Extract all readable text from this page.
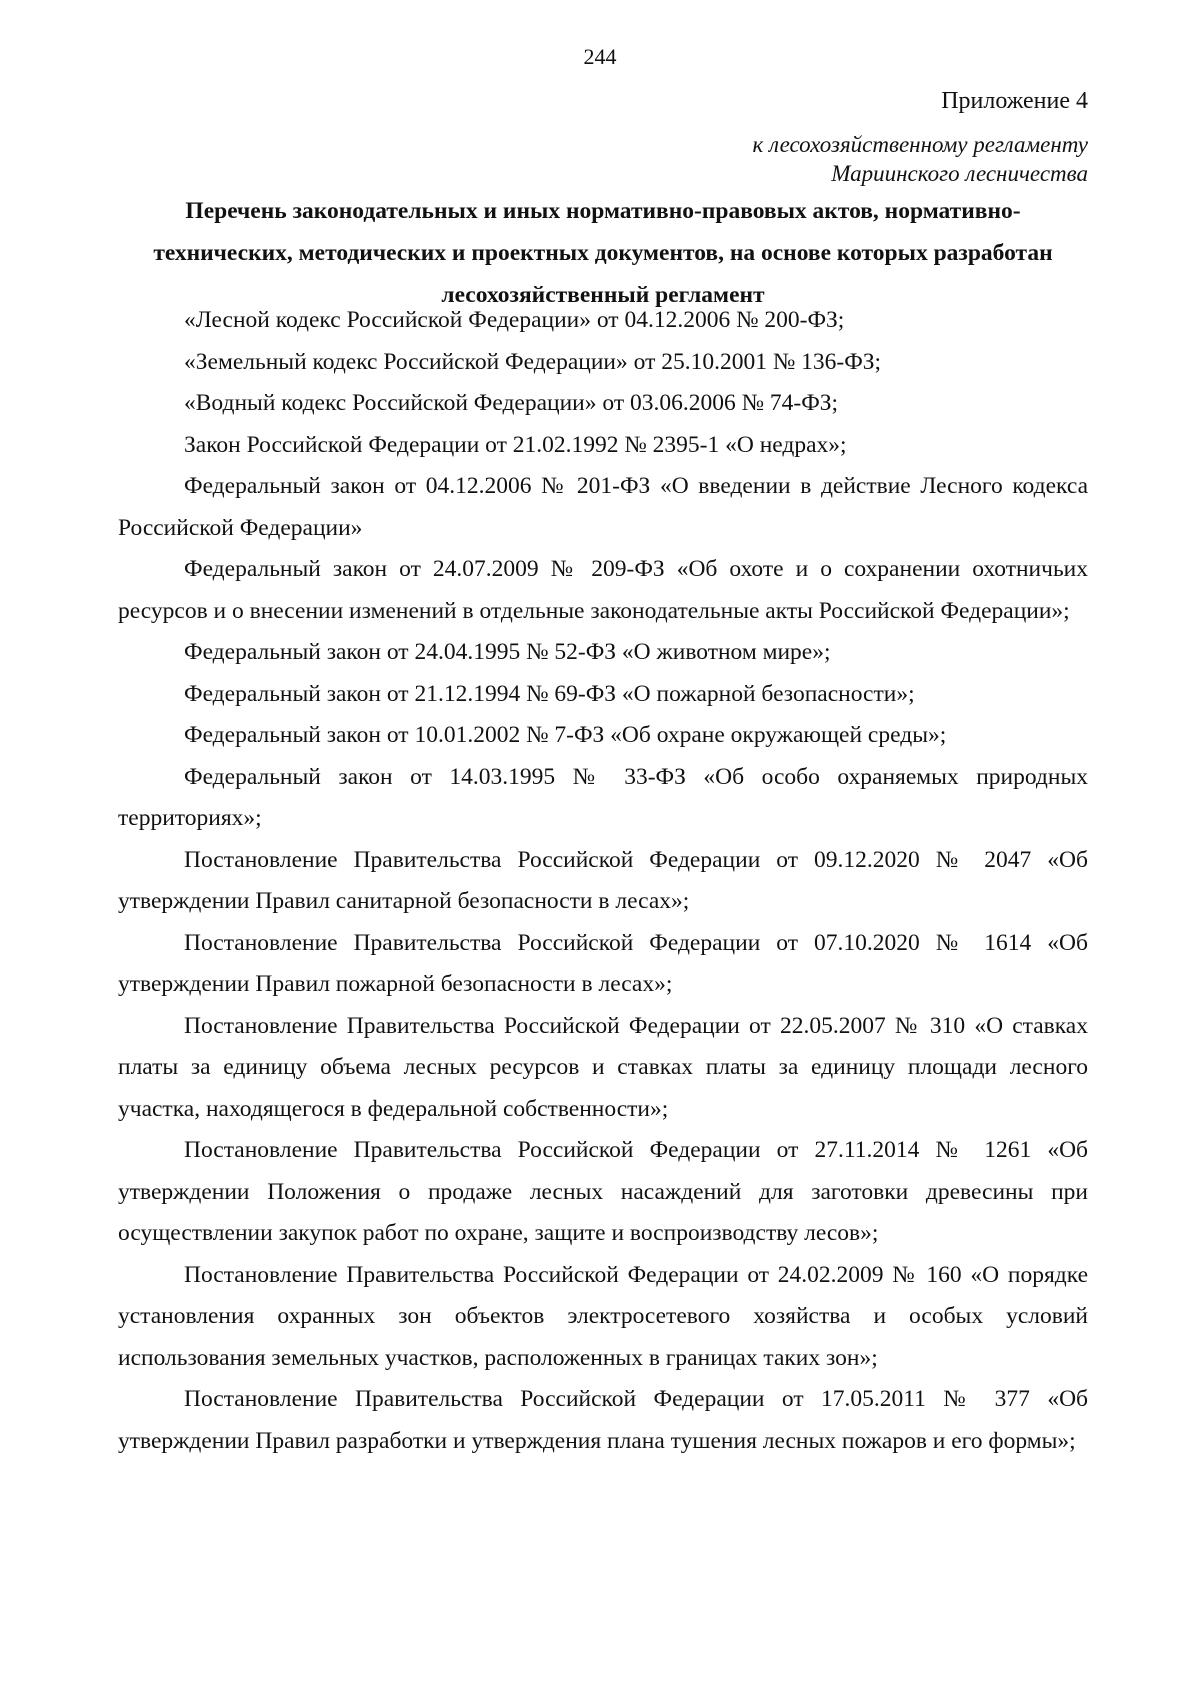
244
Приложение 4
к лесохозяйственному регламенту
Мариинского лесничества
Перечень законодательных и иных нормативно-правовых актов, нормативно-
технических, методических и проектных документов, на основе которых разработан
лесохозяйственный регламент

«Лесной кодекс Российской Федерации» от 04.12.2006 № 200-ФЗ;

«Земельный кодекс Российской Федерации» от 25.10.2001 № 136-ФЗ;

«Водный кодекс Российской Федерации» от 03.06.2006 № 74-ФЗ;

Закон Российской Федерации от 21.02.1992 № 2395-1 «О недрах»;

Федеральный закон от 04.12.2006 № 201-ФЗ «О введении в действие Лесного кодекса Российской Федерации»

Федеральный закон от 24.07.2009 № 209-ФЗ «Об охоте и о сохранении охотничьих ресурсов и о внесении изменений в отдельные законодательные акты Российской Федерации»;

Федеральный закон от 24.04.1995 № 52-ФЗ «О животном мире»;

Федеральный закон от 21.12.1994 № 69-ФЗ «О пожарной безопасности»;

Федеральный закон от 10.01.2002 № 7-ФЗ «Об охране окружающей среды»;

Федеральный закон от 14.03.1995 № 33-ФЗ «Об особо охраняемых природных территориях»;

Постановление Правительства Российской Федерации от 09.12.2020 № 2047 «Об утверждении Правил санитарной безопасности в лесах»;

Постановление Правительства Российской Федерации от 07.10.2020 № 1614 «Об утверждении Правил пожарной безопасности в лесах»;

Постановление Правительства Российской Федерации от 22.05.2007 № 310 «О ставках платы за единицу объема лесных ресурсов и ставках платы за единицу площади лесного участка, находящегося в федеральной собственности»;

Постановление Правительства Российской Федерации от 27.11.2014 № 1261 «Об утверждении Положения о продаже лесных насаждений для заготовки древесины при осуществлении закупок работ по охране, защите и воспроизводству лесов»;

Постановление Правительства Российской Федерации от 24.02.2009 № 160 «О порядке установления охранных зон объектов электросетевого хозяйства и особых условий использования земельных участков, расположенных в границах таких зон»;

Постановление Правительства Российской Федерации от 17.05.2011 № 377 «Об утверждении Правил разработки и утверждения плана тушения лесных пожаров и его формы»;
